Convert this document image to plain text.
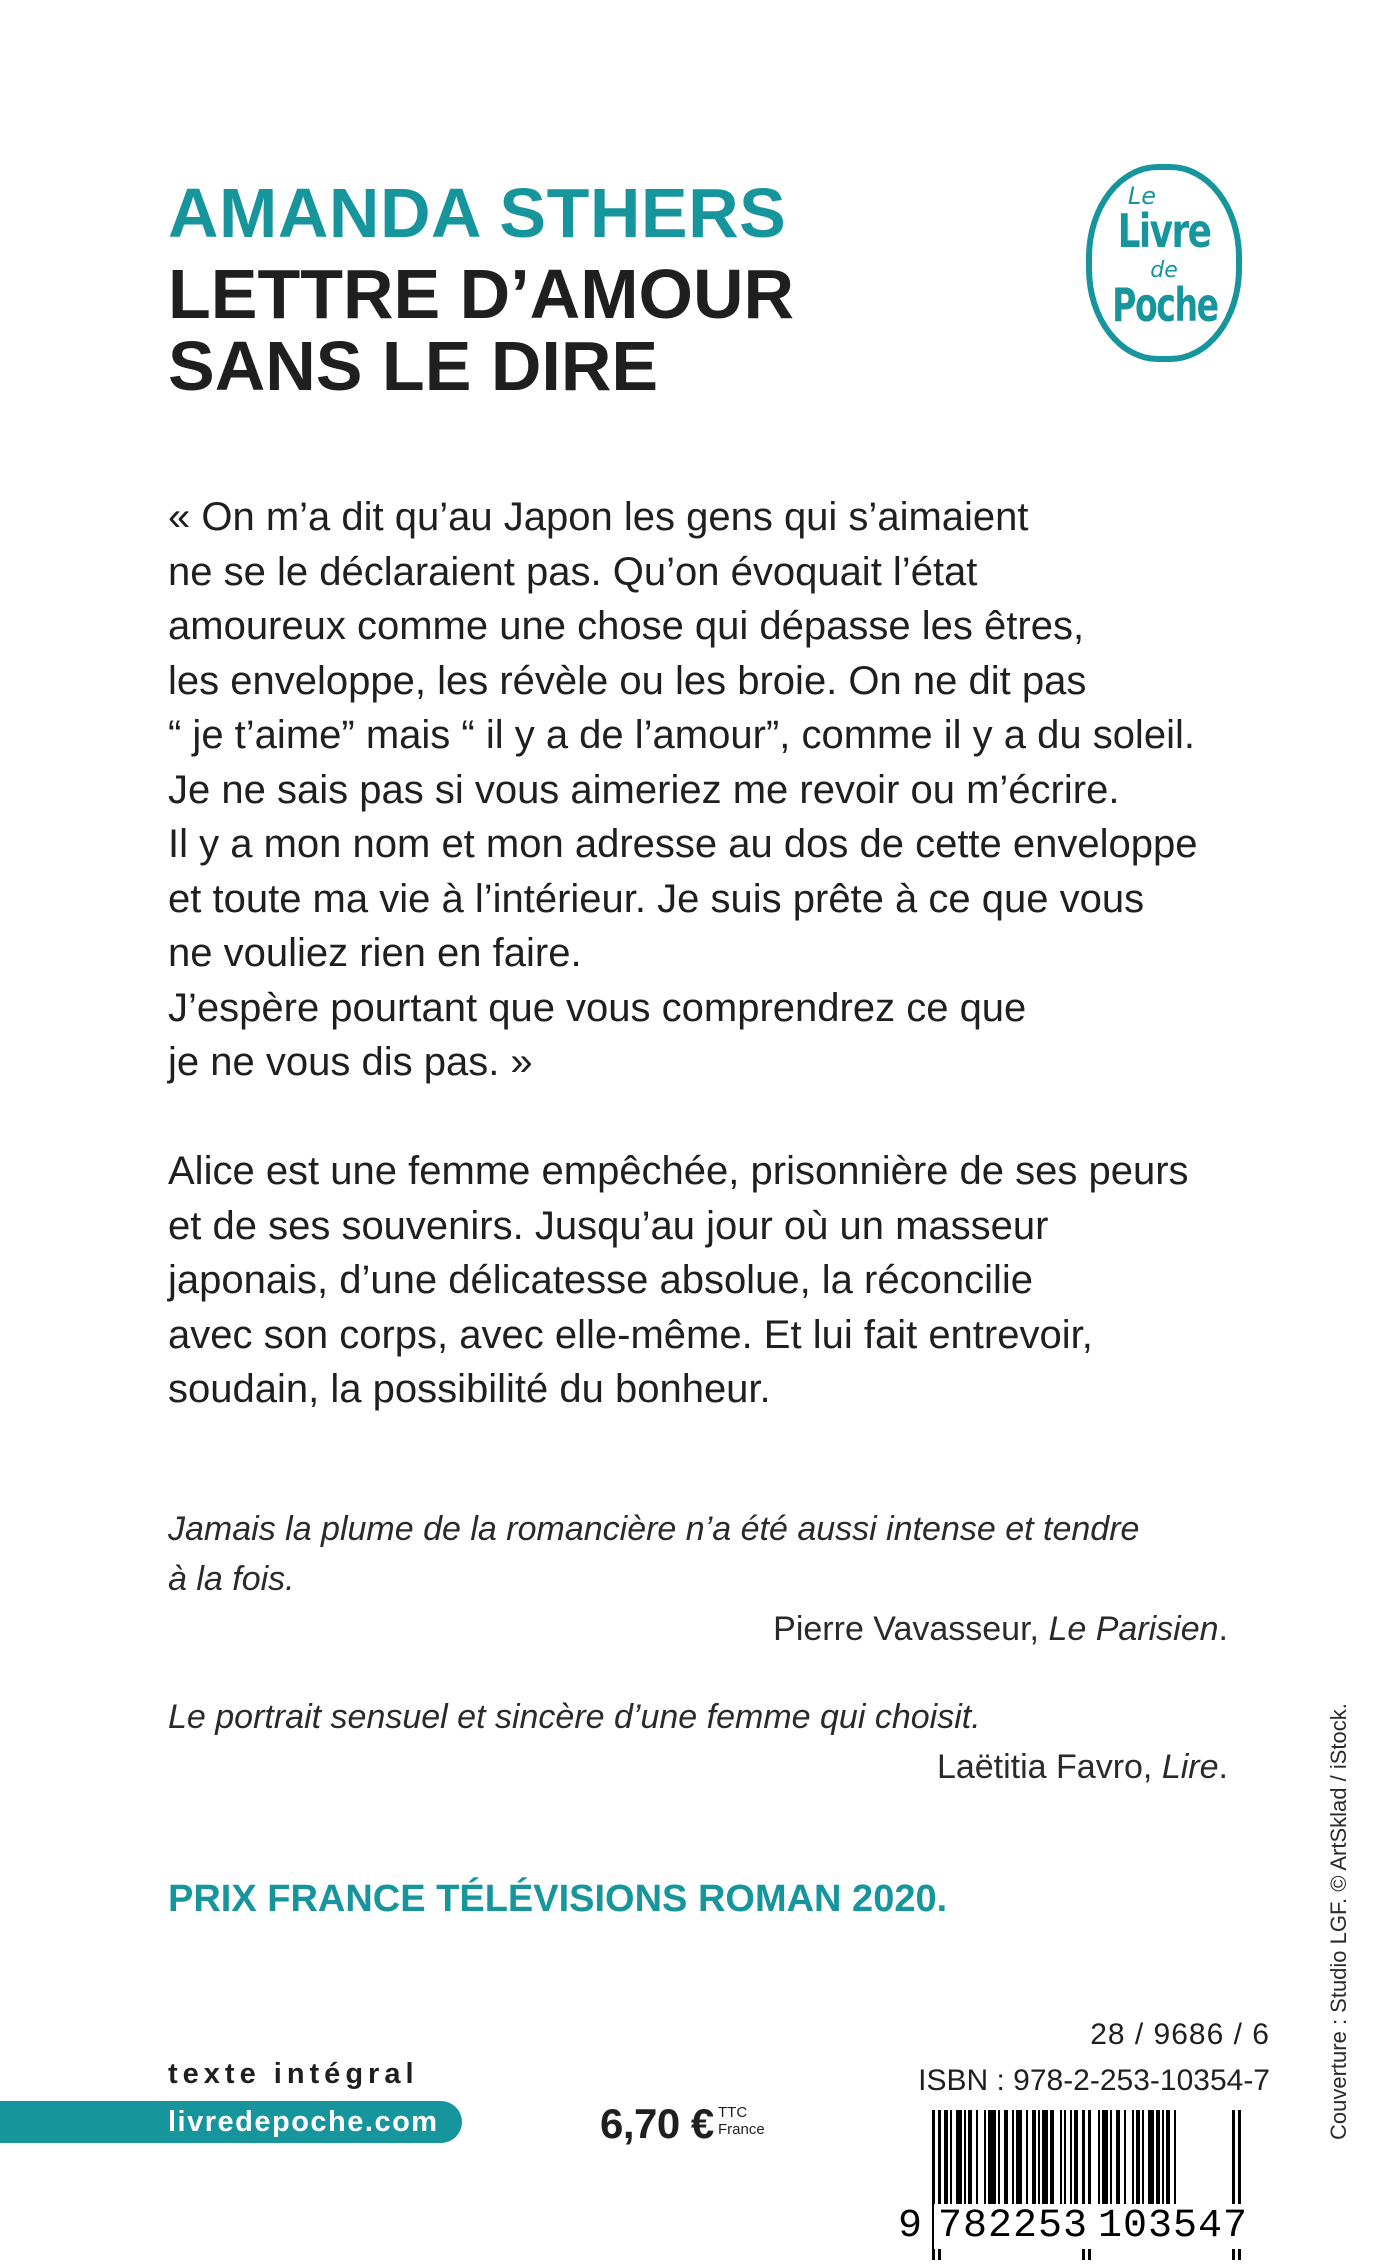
AMANDA STHERS
LETTRE D’AMOUR
SANS LE DIRE
Le
Livre
de
Poche
« On m’a dit qu’au Japon les gens qui s’aimaient
ne se le déclaraient pas. Qu’on évoquait l’état
amoureux comme une chose qui dépasse les êtres,
les enveloppe, les révèle ou les broie. On ne dit pas
“ je t’aime” mais “ il y a de l’amour”, comme il y a du soleil.
Je ne sais pas si vous aimeriez me revoir ou m’écrire.
Il y a mon nom et mon adresse au dos de cette enveloppe
et toute ma vie à l’intérieur. Je suis prête à ce que vous
ne vouliez rien en faire.
J’espère pourtant que vous comprendrez ce que
je ne vous dis pas. »
Alice est une femme empêchée, prisonnière de ses peurs
et de ses souvenirs. Jusqu’au jour où un masseur
japonais, d’une délicatesse absolue, la réconcilie
avec son corps, avec elle-même. Et lui fait entrevoir,
soudain, la possibilité du bonheur.
Jamais la plume de la romancière n’a été aussi intense et tendre
à la fois.
Pierre Vavasseur, Le Parisien.
Le portrait sensuel et sincère d’une femme qui choisit.
Laëtitia Favro, Lire.
PRIX FRANCE TÉLÉVISIONS ROMAN 2020.	Couverture : Studio LGF. © ArtSklad / iStock.
texte intégral
livredepoche.com	6,70 € TTC
France
28 / 9686 / 6
ISBN : 978-2-253-10354-7
9 782253 103547
